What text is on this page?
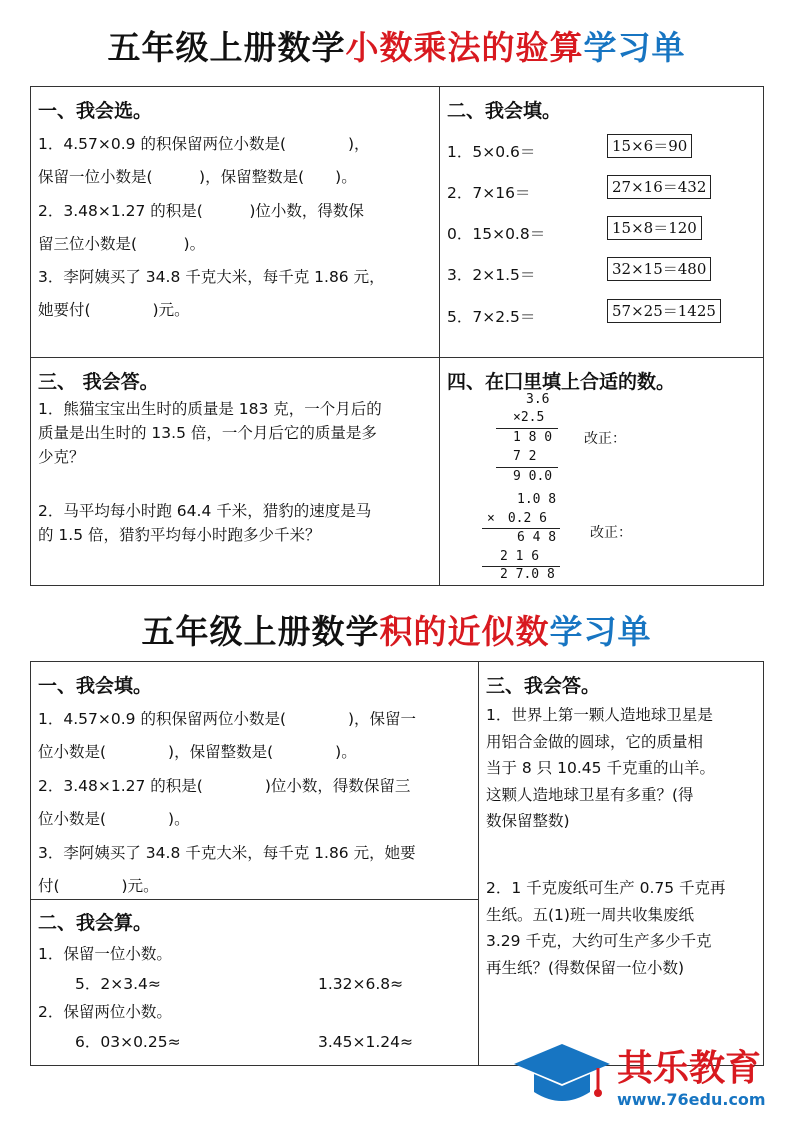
五年级上册数学小数乘法的验算学习单
一、我会选。
1．4.57×0.9 的积保留两位小数是(　　　　)，
保留一位小数是(　　　)，保留整数是(　　)。
2．3.48×1.27 的积是(　　　)位小数，得数保
留三位小数是(　　　)。
3．李阿姨买了 34.8 千克大米，每千克 1.86 元，
她要付(　　　　)元。
二、我会填。
1．5×0.6＝
2．7×16＝
0．15×0.8＝
3．2×1.5＝
5．7×2.5＝
15×6＝90
27×16＝432
15×8＝120
32×15＝480
57×25＝1425
三、 我会答。
1．熊猫宝宝出生时的质量是 183 克，一个月后的
质量是出生时的 13.5 倍，一个月后它的质量是多
少克？
2．马平均每小时跑 64.4 千米，猎豹的速度是马
的 1.5 倍，猎豹平均每小时跑多少千米？
四、在囗里填上合适的数。
3.6
×2.5
1 8 0
7 2
9 0.0
改正：
1.0 8
×　0.2 6
6 4 8
2 1 6
2 7.0 8
改正：
五年级上册数学积的近似数学习单
一、我会填。
1．4.57×0.9 的积保留两位小数是(　　　　)，保留一
位小数是(　　　　)，保留整数是(　　　　)。
2．3.48×1.27 的积是(　　　　)位小数，得数保留三
位小数是(　　　　)。
3．李阿姨买了 34.8 千克大米，每千克 1.86 元，她要
付(　　　　)元。
二、我会算。
1．保留一位小数。
5．2×3.4≈	1.32×6.8≈
2．保留两位小数。
6．03×0.25≈	3.45×1.24≈
三、我会答。
1．世界上第一颗人造地球卫星是
用铝合金做的圆球，它的质量相
当于 8 只 10.45 千克重的山羊。
这颗人造地球卫星有多重？(得
数保留整数)
2．1 千克废纸可生产 0.75 千克再
生纸。五(1)班一周共收集废纸
3.29 千克，大约可生产多少千克
再生纸？(得数保留一位小数)
其乐教育
www.76edu.com
